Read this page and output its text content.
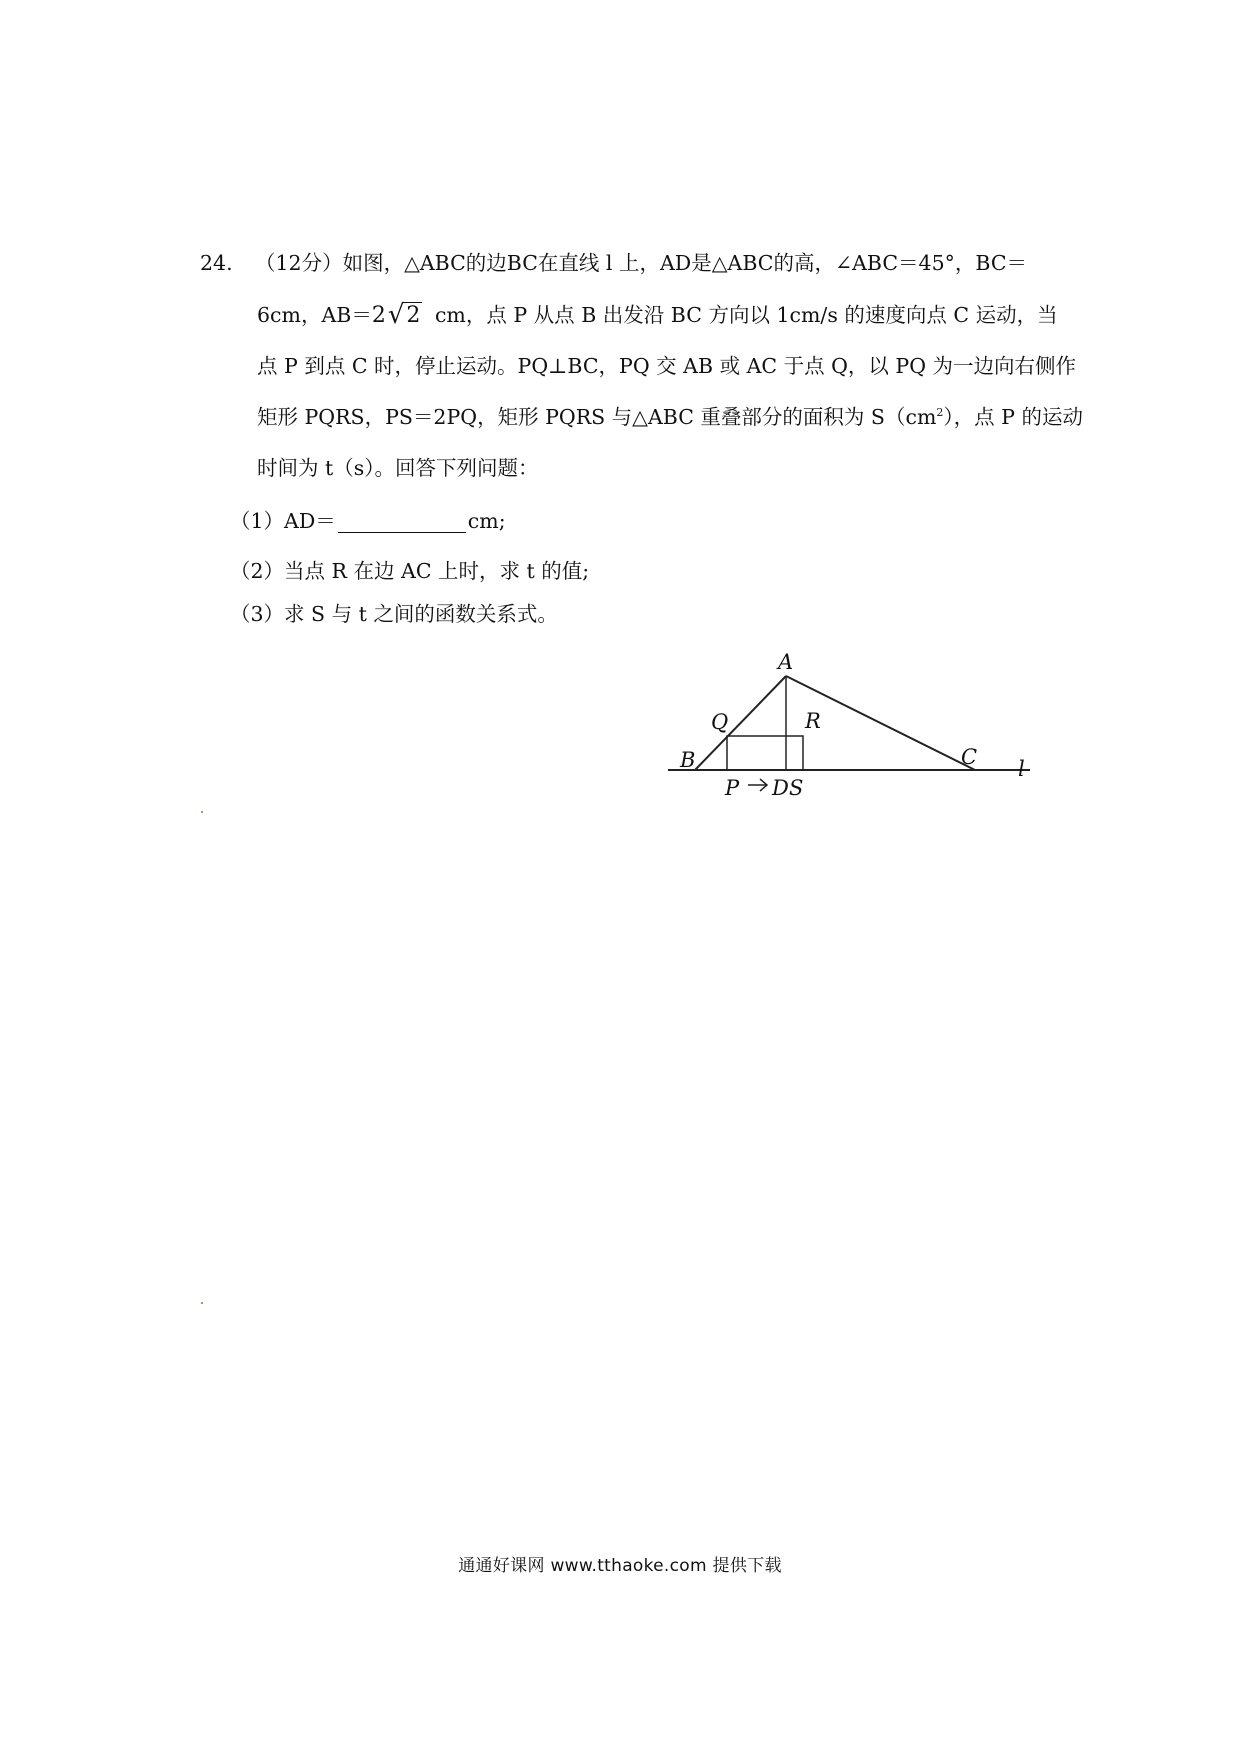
24. （12分）如图，△ABC的边BC在直线 l 上，AD是△ABC的高，∠ABC＝45°，BC＝
6cm，AB＝2√2 cm，点 P 从点 B 出发沿 BC 方向以 1cm/s 的速度向点 C 运动，当
点 P 到点 C 时，停止运动。PQ⊥BC，PQ 交 AB 或 AC 于点 Q，以 PQ 为一边向右侧作
矩形 PQRS，PS＝2PQ，矩形 PQRS 与△ABC 重叠部分的面积为 $S(cm^2)$，点 P 的运动
时间为 t（s）。回答下列问题：
（1）AD＝	cm;
（2）当点 R 在边 AC 上时，求 t 的值;
（3）求 S 与 t 之间的函数关系式。
A
B	C
D
P
Q	R
S
l
通通好课网 www.tthaoke.com 提供下载
